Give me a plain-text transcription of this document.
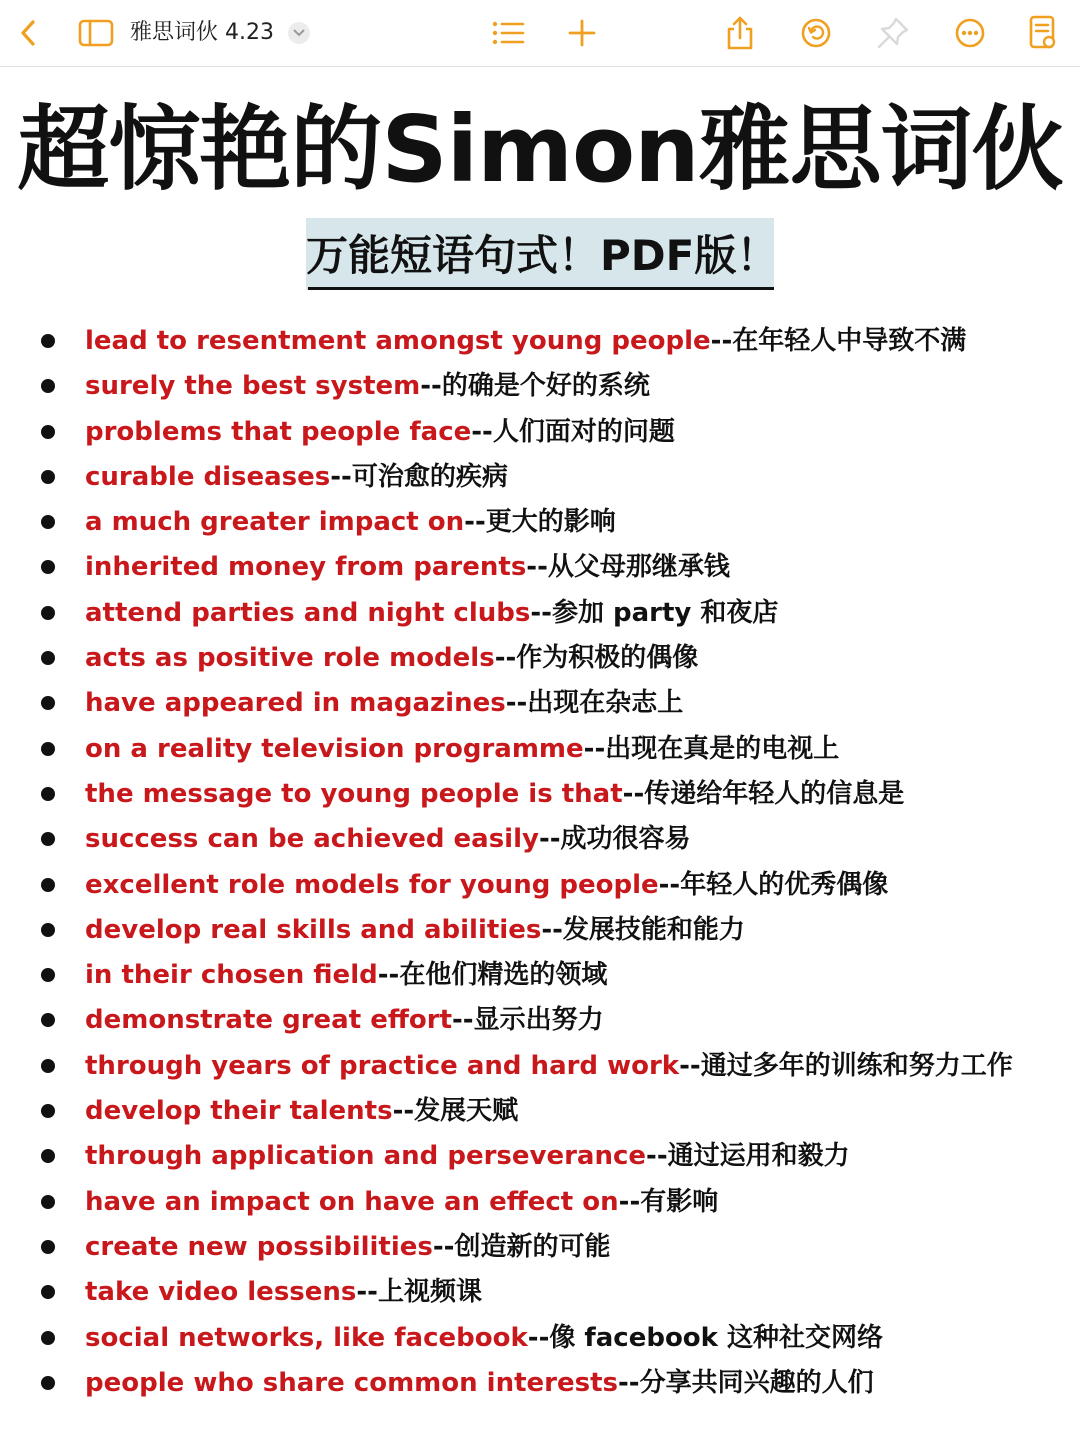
雅思词伙 4.23
超惊艳的Simon雅思词伙
万能短语句式！PDF版！
lead to resentment amongst young people--在年轻人中导致不满
surely the best system--的确是个好的系统
problems that people face--人们面对的问题
curable diseases--可治愈的疾病
a much greater impact on--更大的影响
inherited money from parents--从父母那继承钱
attend parties and night clubs--参加 party 和夜店
acts as positive role models--作为积极的偶像
have appeared in magazines--出现在杂志上
on a reality television programme--出现在真是的电视上
the message to young people is that--传递给年轻人的信息是
success can be achieved easily--成功很容易
excellent role models for young people--年轻人的优秀偶像
develop real skills and abilities--发展技能和能力
in their chosen field--在他们精选的领域
demonstrate great effort--显示出努力
through years of practice and hard work--通过多年的训练和努力工作
develop their talents--发展天赋
through application and perseverance--通过运用和毅力
have an impact on have an effect on--有影响
create new possibilities--创造新的可能
take video lessens--上视频课
social networks, like facebook--像 facebook 这种社交网络
people who share common interests--分享共同兴趣的人们
